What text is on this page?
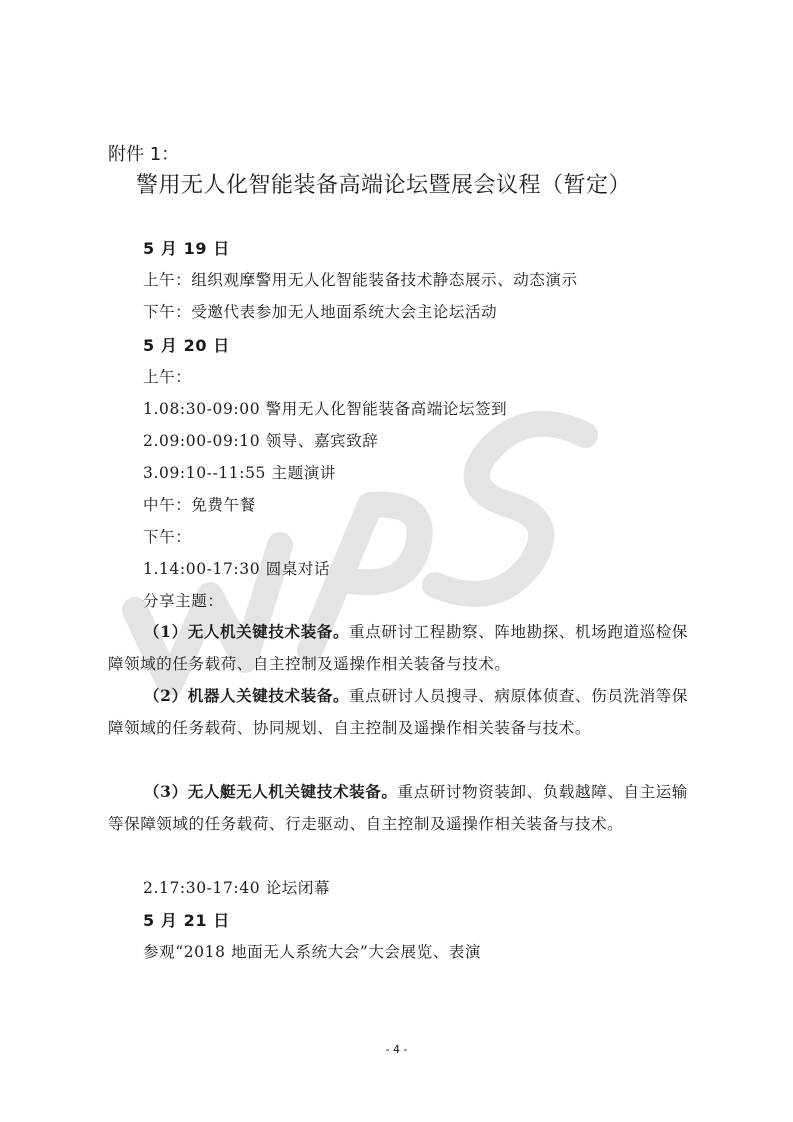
附件 1：
警用无人化智能装备高端论坛暨展会议程（暂定）
5 月 19 日
上午：组织观摩警用无人化智能装备技术静态展示、动态演示
下午：受邀代表参加无人地面系统大会主论坛活动
5 月 20 日
上午：
1.08:30-09:00 警用无人化智能装备高端论坛签到
2.09:00-09:10 领导、嘉宾致辞
3.09:10--11:55 主题演讲
中午：免费午餐
下午：
1.14:00-17:30 圆桌对话
分享主题：
（1）无人机关键技术装备。重点研讨工程勘察、阵地勘探、机场跑道巡检保障领域的任务载荷、自主控制及遥操作相关装备与技术。
（2）机器人关键技术装备。重点研讨人员搜寻、病原体侦查、伤员洗消等保障领域的任务载荷、协同规划、自主控制及遥操作相关装备与技术。
（3）无人艇无人机关键技术装备。重点研讨物资装卸、负载越障、自主运输等保障领域的任务载荷、行走驱动、自主控制及遥操作相关装备与技术。
2.17:30-17:40 论坛闭幕
5 月 21 日
参观“2018 地面无人系统大会”大会展览、表演
- 4 -
